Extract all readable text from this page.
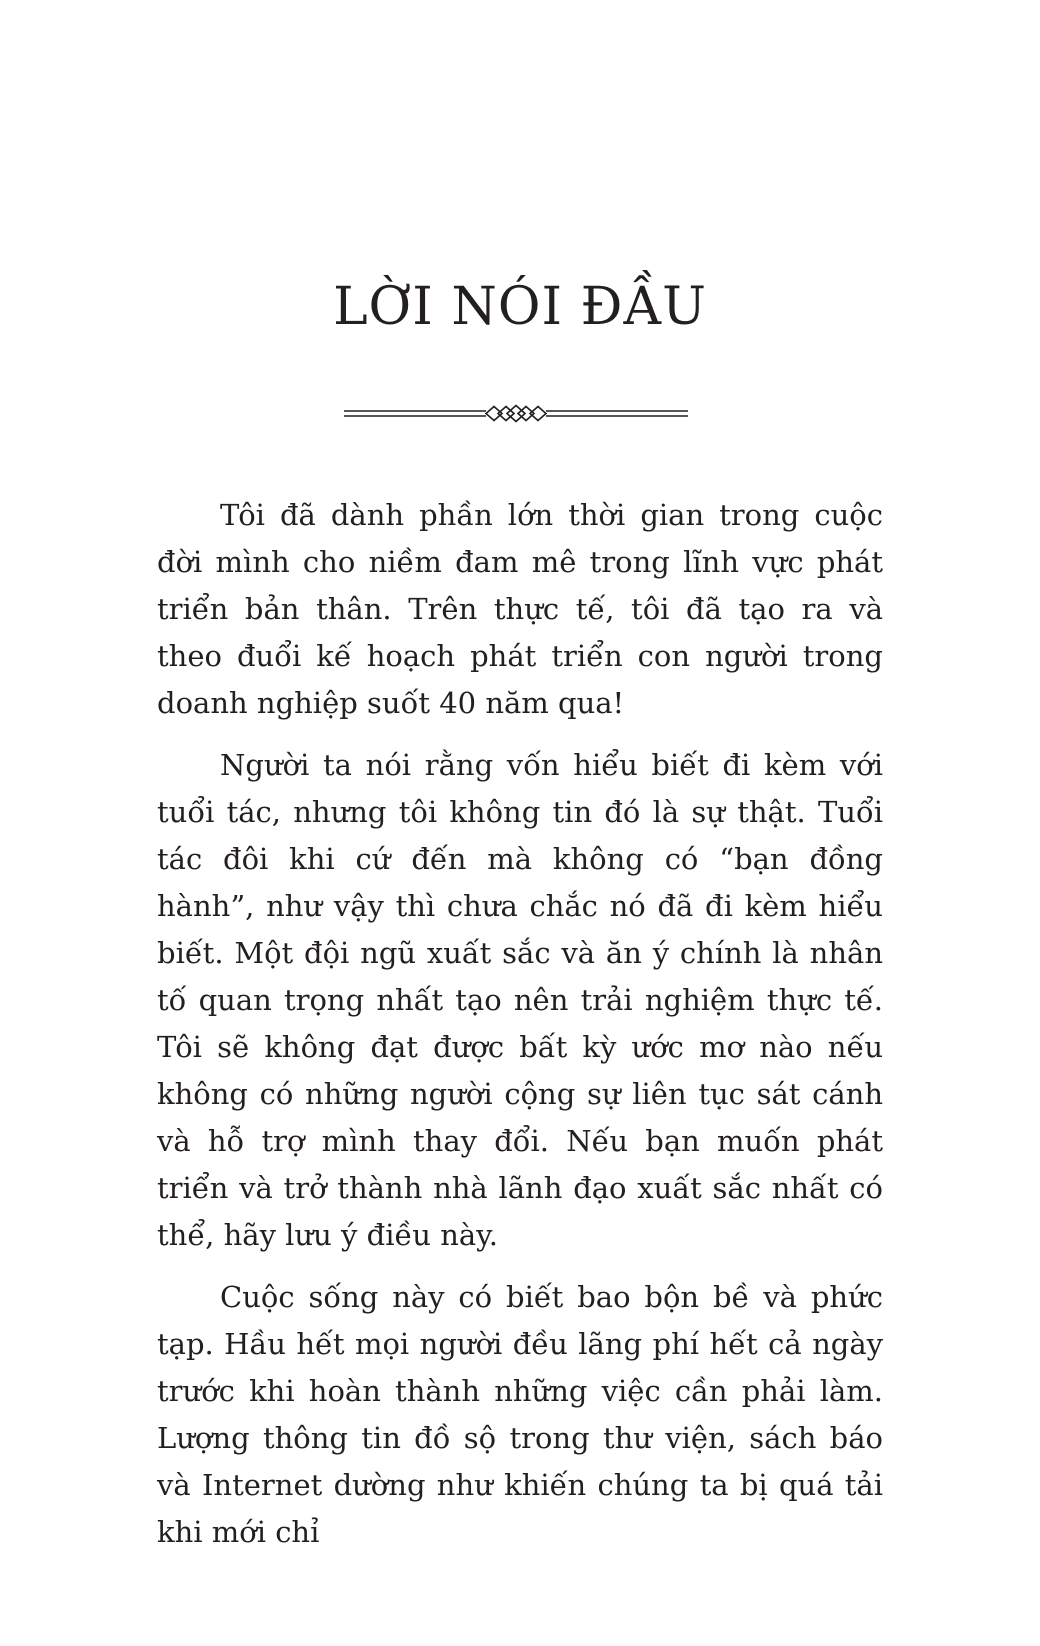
LỜI NÓI ĐẦU

Tôi đã dành phần lớn thời gian trong cuộc đời mình cho niềm đam mê trong lĩnh vực phát triển bản thân. Trên thực tế, tôi đã tạo ra và theo đuổi kế hoạch phát triển con người trong doanh nghiệp suốt 40 năm qua!

Người ta nói rằng vốn hiểu biết đi kèm với tuổi tác, nhưng tôi không tin đó là sự thật. Tuổi tác đôi khi cứ đến mà không có “bạn đồng hành”, như vậy thì chưa chắc nó đã đi kèm hiểu biết. Một đội ngũ xuất sắc và ăn ý chính là nhân tố quan trọng nhất tạo nên trải nghiệm thực tế. Tôi sẽ không đạt được bất kỳ ước mơ nào nếu không có những người cộng sự liên tục sát cánh và hỗ trợ mình thay đổi. Nếu bạn muốn phát triển và trở thành nhà lãnh đạo xuất sắc nhất có thể, hãy lưu ý điều này.

Cuộc sống này có biết bao bộn bề và phức tạp. Hầu hết mọi người đều lãng phí hết cả ngày trước khi hoàn thành những việc cần phải làm. Lượng thông tin đồ sộ trong thư viện, sách báo và Internet dường như khiến chúng ta bị quá tải khi mới chỉ
